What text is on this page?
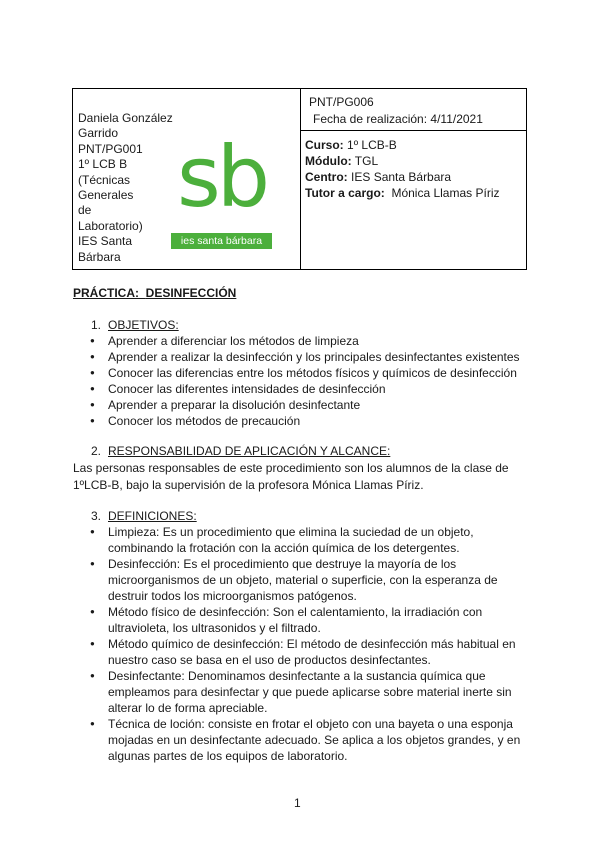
Daniela González Garrido
PNT/PG001
1º LCB B
(Técnicas
Generales
de
Laboratorio)
IES Santa
Bárbara
sb
ies santa bárbara
PNT/PG006
Fecha de realización: 4/11/2021
Curso: 1º LCB-B
Módulo: TGL
Centro: IES Santa Bárbara
Tutor a cargo: Mónica Llamas Píriz
PRÁCTICA: DESINFECCIÓN
1. OBJETIVOS:
● Aprender a diferenciar los métodos de limpieza
● Aprender a realizar la desinfección y los principales desinfectantes existentes
● Conocer las diferencias entre los métodos físicos y químicos de desinfección
● Conocer las diferentes intensidades de desinfección
● Aprender a preparar la disolución desinfectante
● Conocer los métodos de precaución
2. RESPONSABILIDAD DE APLICACIÓN Y ALCANCE:
Las personas responsables de este procedimiento son los alumnos de la clase de 1ºLCB-B, bajo la supervisión de la profesora Mónica Llamas Píriz.
3. DEFINICIONES:
● Limpieza: Es un procedimiento que elimina la suciedad de un objeto, combinando la frotación con la acción química de los detergentes.
● Desinfección: Es el procedimiento que destruye la mayoría de los microorganismos de un objeto, material o superficie, con la esperanza de destruir todos los microorganismos patógenos.
● Método físico de desinfección: Son el calentamiento, la irradiación con ultravioleta, los ultrasonidos y el filtrado.
● Método químico de desinfección: El método de desinfección más habitual en nuestro caso se basa en el uso de productos desinfectantes.
● Desinfectante: Denominamos desinfectante a la sustancia química que empleamos para desinfectar y que puede aplicarse sobre material inerte sin alterar lo de forma apreciable.
● Técnica de loción: consiste en frotar el objeto con una bayeta o una esponja mojadas en un desinfectante adecuado. Se aplica a los objetos grandes, y en algunas partes de los equipos de laboratorio.
1
